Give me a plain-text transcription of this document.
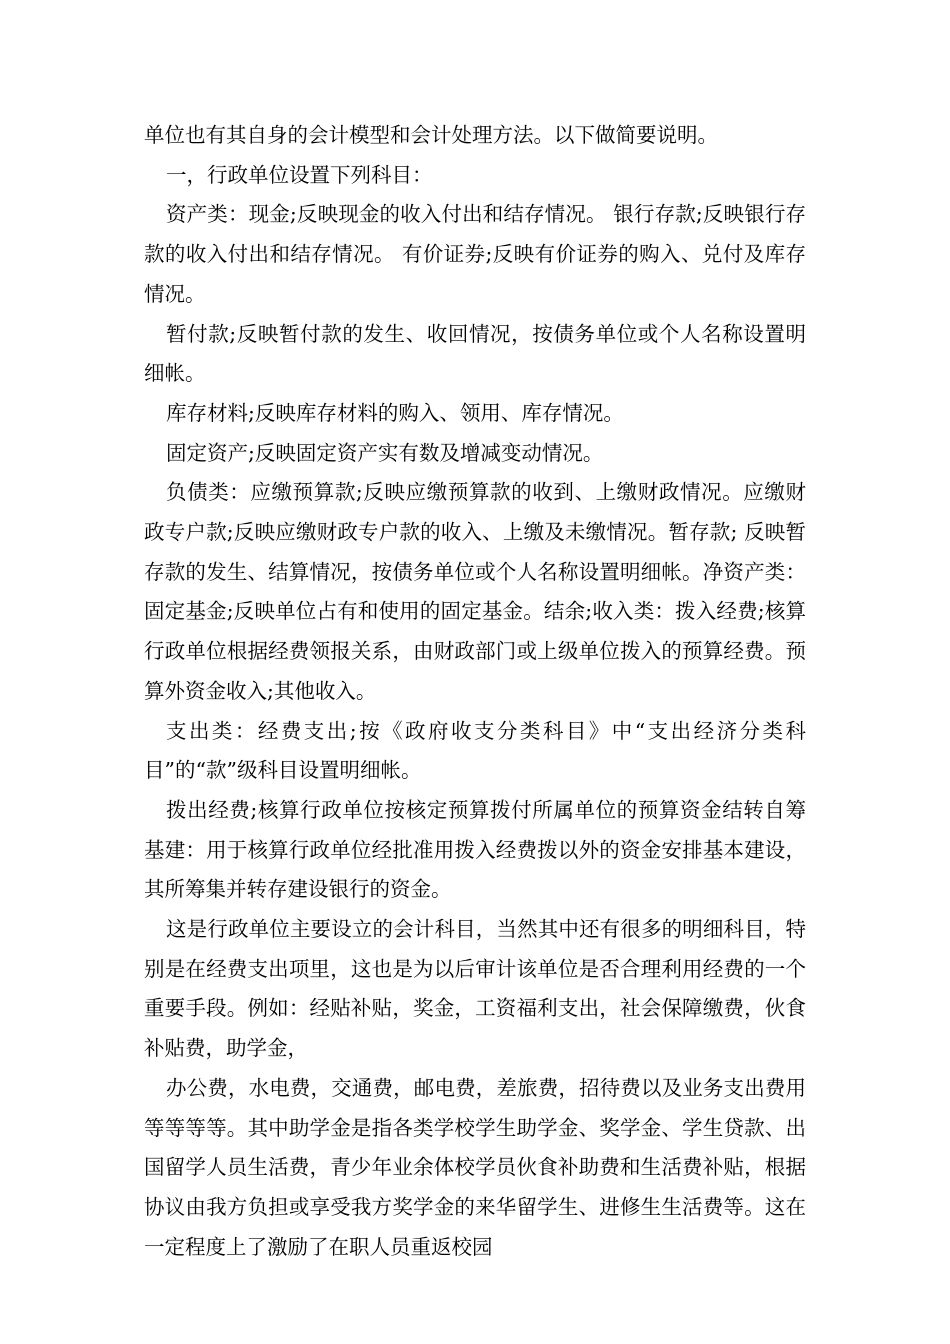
单位也有其自身的会计模型和会计处理方法。以下做简要说明。

一，行政单位设置下列科目：

资产类：现金;反映现金的收入付出和结存情况。 银行存款;反映银行存款的收入付出和结存情况。 有价证券;反映有价证券的购入、兑付及库存情况。

暂付款;反映暂付款的发生、收回情况，按债务单位或个人名称设置明细帐。

库存材料;反映库存材料的购入、领用、库存情况。

固定资产;反映固定资产实有数及增减变动情况。

负债类：应缴预算款;反映应缴预算款的收到、上缴财政情况。应缴财政专户款;反映应缴财政专户款的收入、上缴及未缴情况。暂存款; 反映暂存款的发生、结算情况，按债务单位或个人名称设置明细帐。净资产类：固定基金;反映单位占有和使用的固定基金。结余;收入类：拨入经费;核算行政单位根据经费领报关系，由财政部门或上级单位拨入的预算经费。预算外资金收入;其他收入。

支出类：经费支出;按《政府收支分类科目》中“支出经济分类科目”的“款”级科目设置明细帐。

拨出经费;核算行政单位按核定预算拨付所属单位的预算资金结转自筹基建：用于核算行政单位经批准用拨入经费拨以外的资金安排基本建设，其所筹集并转存建设银行的资金。

这是行政单位主要设立的会计科目，当然其中还有很多的明细科目，特别是在经费支出项里，这也是为以后审计该单位是否合理利用经费的一个重要手段。例如：经贴补贴，奖金，工资福利支出，社会保障缴费，伙食补贴费，助学金，

办公费，水电费，交通费，邮电费，差旅费，招待费以及业务支出费用等等等等。其中助学金是指各类学校学生助学金、奖学金、学生贷款、出国留学人员生活费，青少年业余体校学员伙食补助费和生活费补贴，根据协议由我方负担或享受我方奖学金的来华留学生、进修生生活费等。这在一定程度上了激励了在职人员重返校园
